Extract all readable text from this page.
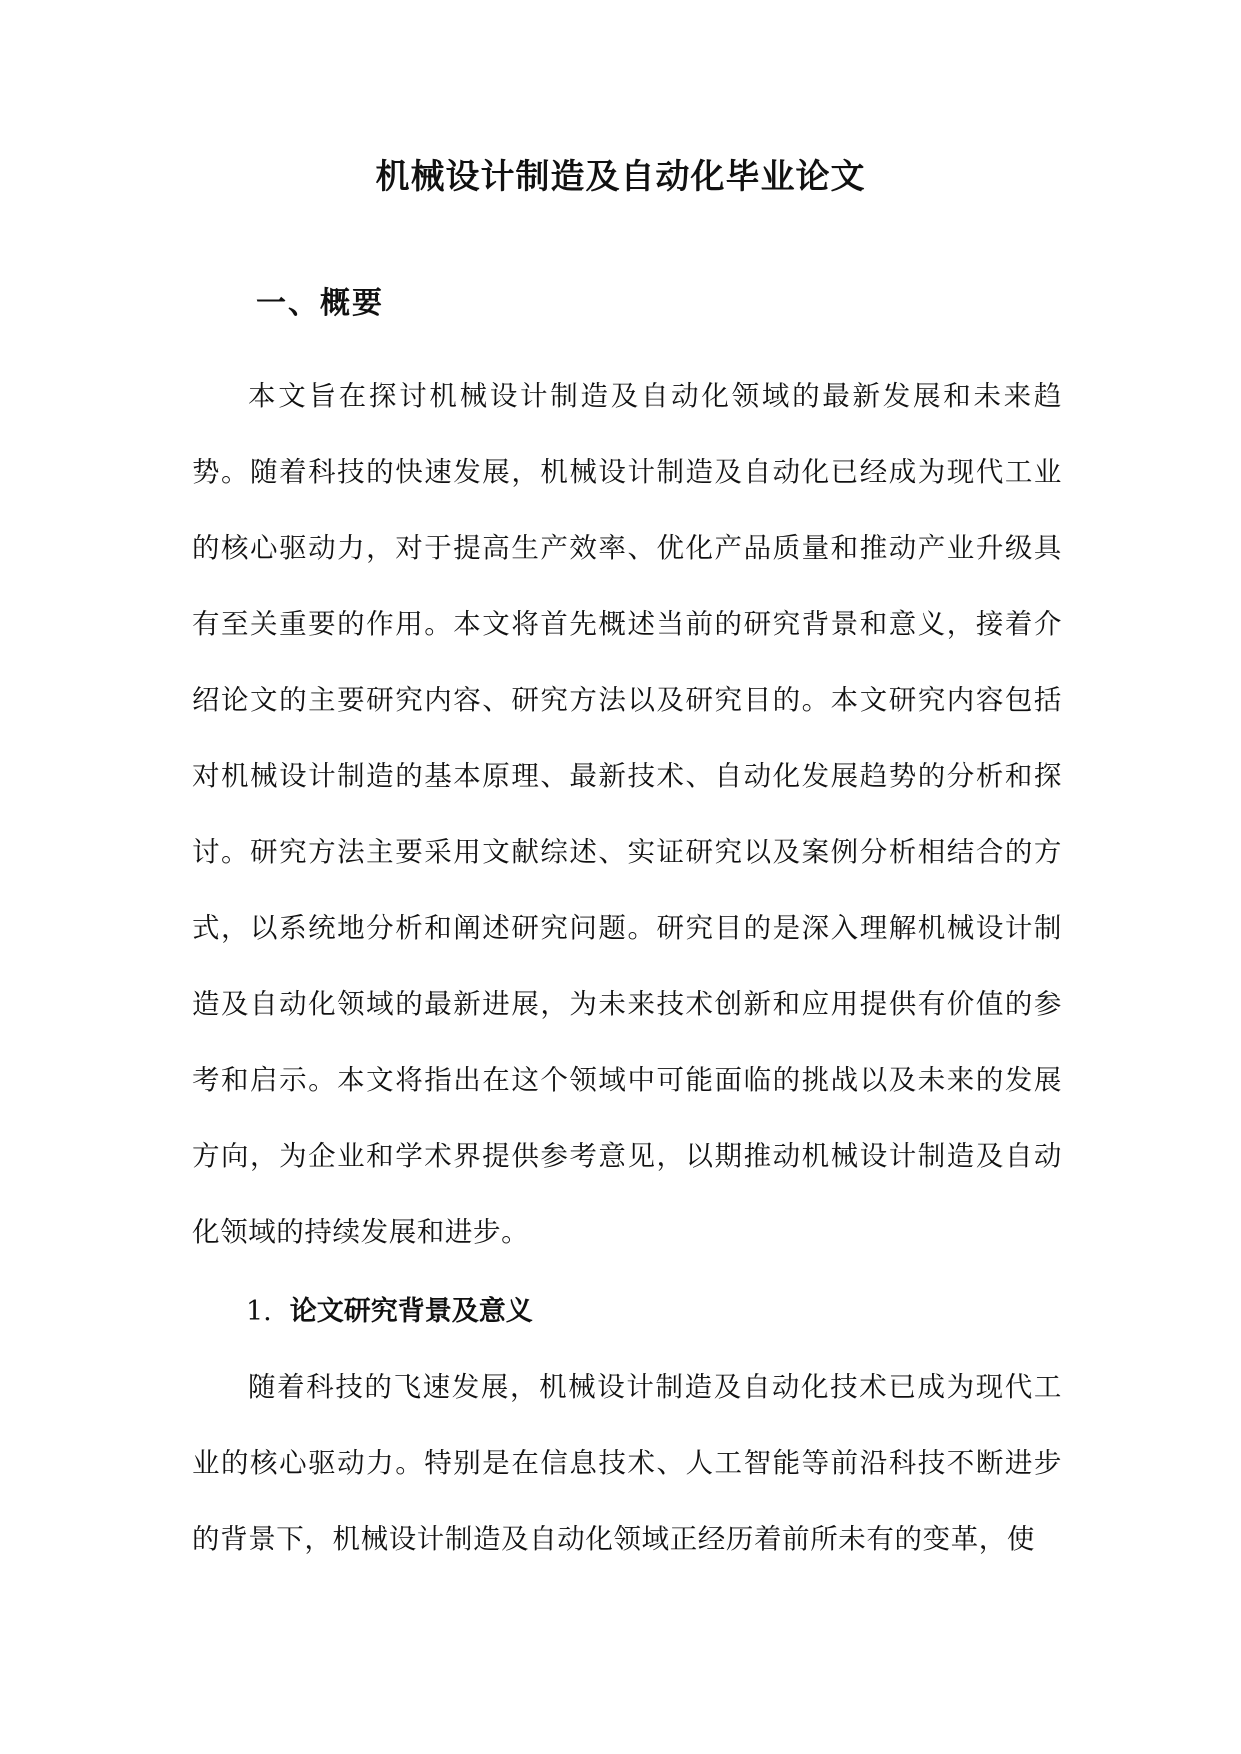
机械设计制造及自动化毕业论文
一、概要

本文旨在探讨机械设计制造及自动化领域的最新发展和未来趋势。随着科技的快速发展，机械设计制造及自动化已经成为现代工业的核心驱动力，对于提高生产效率、优化产品质量和推动产业升级具有至关重要的作用。本文将首先概述当前的研究背景和意义，接着介绍论文的主要研究内容、研究方法以及研究目的。本文研究内容包括对机械设计制造的基本原理、最新技术、自动化发展趋势的分析和探讨。研究方法主要采用文献综述、实证研究以及案例分析相结合的方式，以系统地分析和阐述研究问题。研究目的是深入理解机械设计制造及自动化领域的最新进展，为未来技术创新和应用提供有价值的参考和启示。本文将指出在这个领域中可能面临的挑战以及未来的发展方向，为企业和学术界提供参考意见，以期推动机械设计制造及自动化领域的持续发展和进步。

1. 论文研究背景及意义

随着科技的飞速发展，机械设计制造及自动化技术已成为现代工业的核心驱动力。特别是在信息技术、人工智能等前沿科技不断进步的背景下，机械设计制造及自动化领域正经历着前所未有的变革，使
